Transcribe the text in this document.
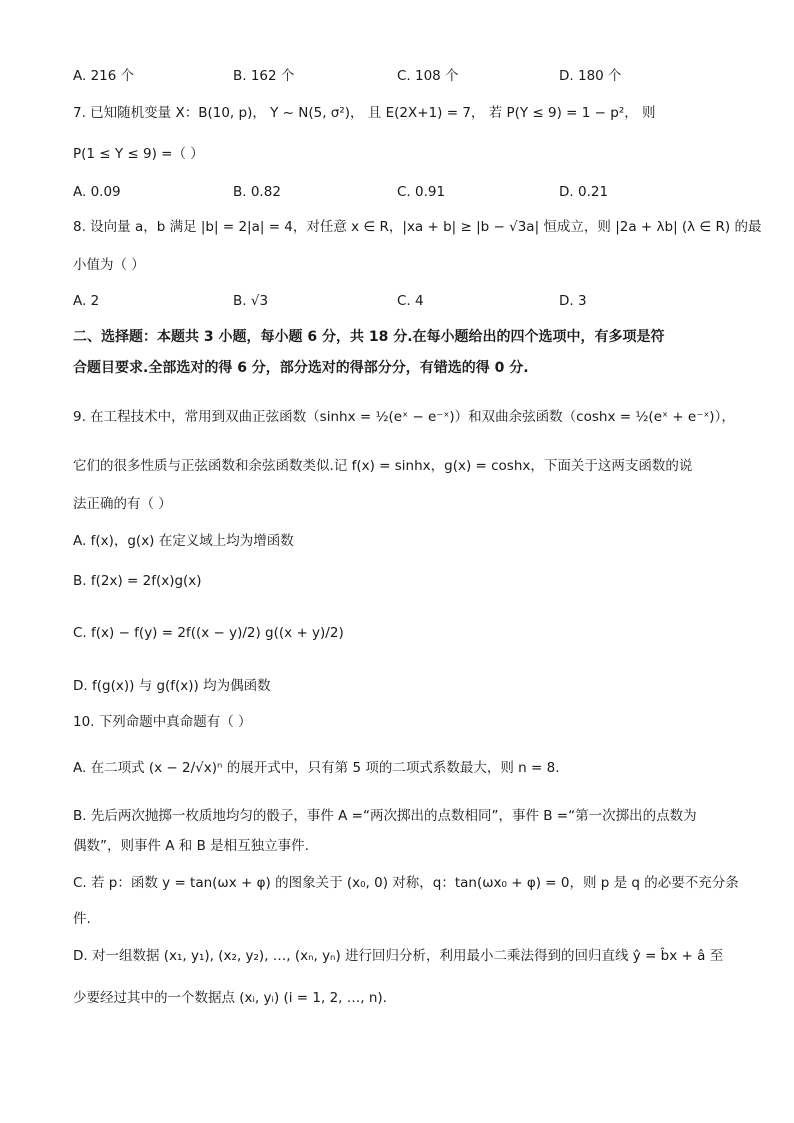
A. 216 个	B. 162 个	C. 108 个	D. 180 个
7. 已知随机变量 X：B(10, p)， Y ~ N(5, σ²)， 且 E(2X+1) = 7， 若 P(Y ≤ 9) = 1 − p²， 则
P(1 ≤ Y ≤ 9) =（ ）
A. 0.09	B. 0.82	C. 0.91	D. 0.21
8. 设向量 a，b 满足 |b| = 2|a| = 4，对任意 x ∈ R，|xa + b| ≥ |b − √3a| 恒成立，则 |2a + λb| (λ ∈ R) 的最
小值为（ ）
A. 2	B. √3	C. 4	D. 3
二、选择题：本题共 3 小题，每小题 6 分，共 18 分.在每小题给出的四个选项中，有多项是符
合题目要求.全部选对的得 6 分，部分选对的得部分分，有错选的得 0 分.
9. 在工程技术中，常用到双曲正弦函数（sinhx = ½(eˣ − e⁻ˣ)）和双曲余弦函数（coshx = ½(eˣ + e⁻ˣ)），
它们的很多性质与正弦函数和余弦函数类似.记 f(x) = sinhx，g(x) = coshx，下面关于这两支函数的说
法正确的有（ ）
A. f(x)，g(x) 在定义域上均为增函数
B. f(2x) = 2f(x)g(x)
C. f(x) − f(y) = 2f((x − y)/2) g((x + y)/2)
D. f(g(x)) 与 g(f(x)) 均为偶函数
10. 下列命题中真命题有（ ）
A. 在二项式 (x − 2/√x)ⁿ 的展开式中，只有第 5 项的二项式系数最大，则 n = 8.
B. 先后两次抛掷一枚质地均匀的骰子，事件 A =“两次掷出的点数相同”，事件 B =“第一次掷出的点数为
偶数”，则事件 A 和 B 是相互独立事件.
C. 若 p：函数 y = tan(ωx + φ) 的图象关于 (x₀, 0) 对称，q：tan(ωx₀ + φ) = 0，则 p 是 q 的必要不充分条
件.
D. 对一组数据 (x₁, y₁), (x₂, y₂), …, (xₙ, yₙ) 进行回归分析，利用最小二乘法得到的回归直线 ŷ = b̂x + â 至
少要经过其中的一个数据点 (xᵢ, yᵢ) (i = 1, 2, …, n).
